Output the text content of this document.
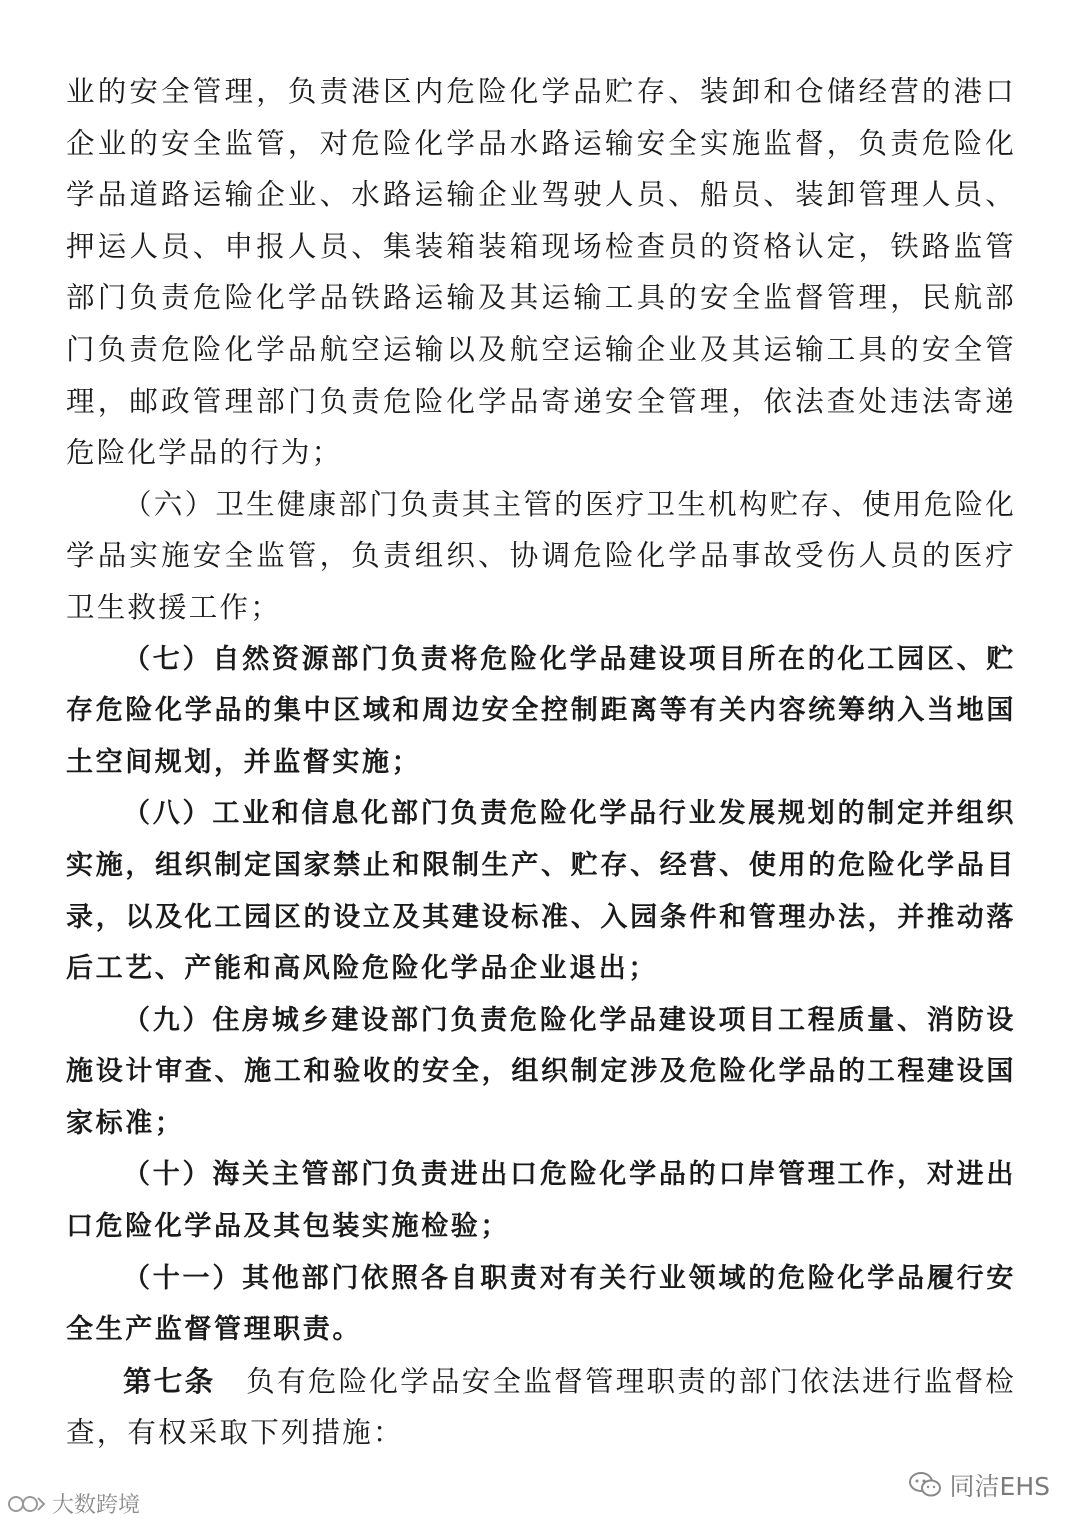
业的安全管理，负责港区内危险化学品贮存、装卸和仓储经营的港口企业的安全监管，对危险化学品水路运输安全实施监督，负责危险化学品道路运输企业、水路运输企业驾驶人员、船员、装卸管理人员、押运人员、申报人员、集装箱装箱现场检查员的资格认定，铁路监管部门负责危险化学品铁路运输及其运输工具的安全监督管理，民航部门负责危险化学品航空运输以及航空运输企业及其运输工具的安全管理，邮政管理部门负责危险化学品寄递安全管理，依法查处违法寄递危险化学品的行为；

（六）卫生健康部门负责其主管的医疗卫生机构贮存、使用危险化学品实施安全监管，负责组织、协调危险化学品事故受伤人员的医疗卫生救援工作；

（七）自然资源部门负责将危险化学品建设项目所在的化工园区、贮存危险化学品的集中区域和周边安全控制距离等有关内容统筹纳入当地国土空间规划，并监督实施；

（八）工业和信息化部门负责危险化学品行业发展规划的制定并组织实施，组织制定国家禁止和限制生产、贮存、经营、使用的危险化学品目录，以及化工园区的设立及其建设标准、入园条件和管理办法，并推动落后工艺、产能和高风险危险化学品企业退出；

（九）住房城乡建设部门负责危险化学品建设项目工程质量、消防设施设计审查、施工和验收的安全，组织制定涉及危险化学品的工程建设国家标准；

（十）海关主管部门负责进出口危险化学品的口岸管理工作，对进出口危险化学品及其包装实施检验；

（十一）其他部门依照各自职责对有关行业领域的危险化学品履行安全生产监督管理职责。

第七条　 负有危险化学品安全监督管理职责的部门依法进行监督检查，有权采取下列措施：

大数跨境
同洁EHS
